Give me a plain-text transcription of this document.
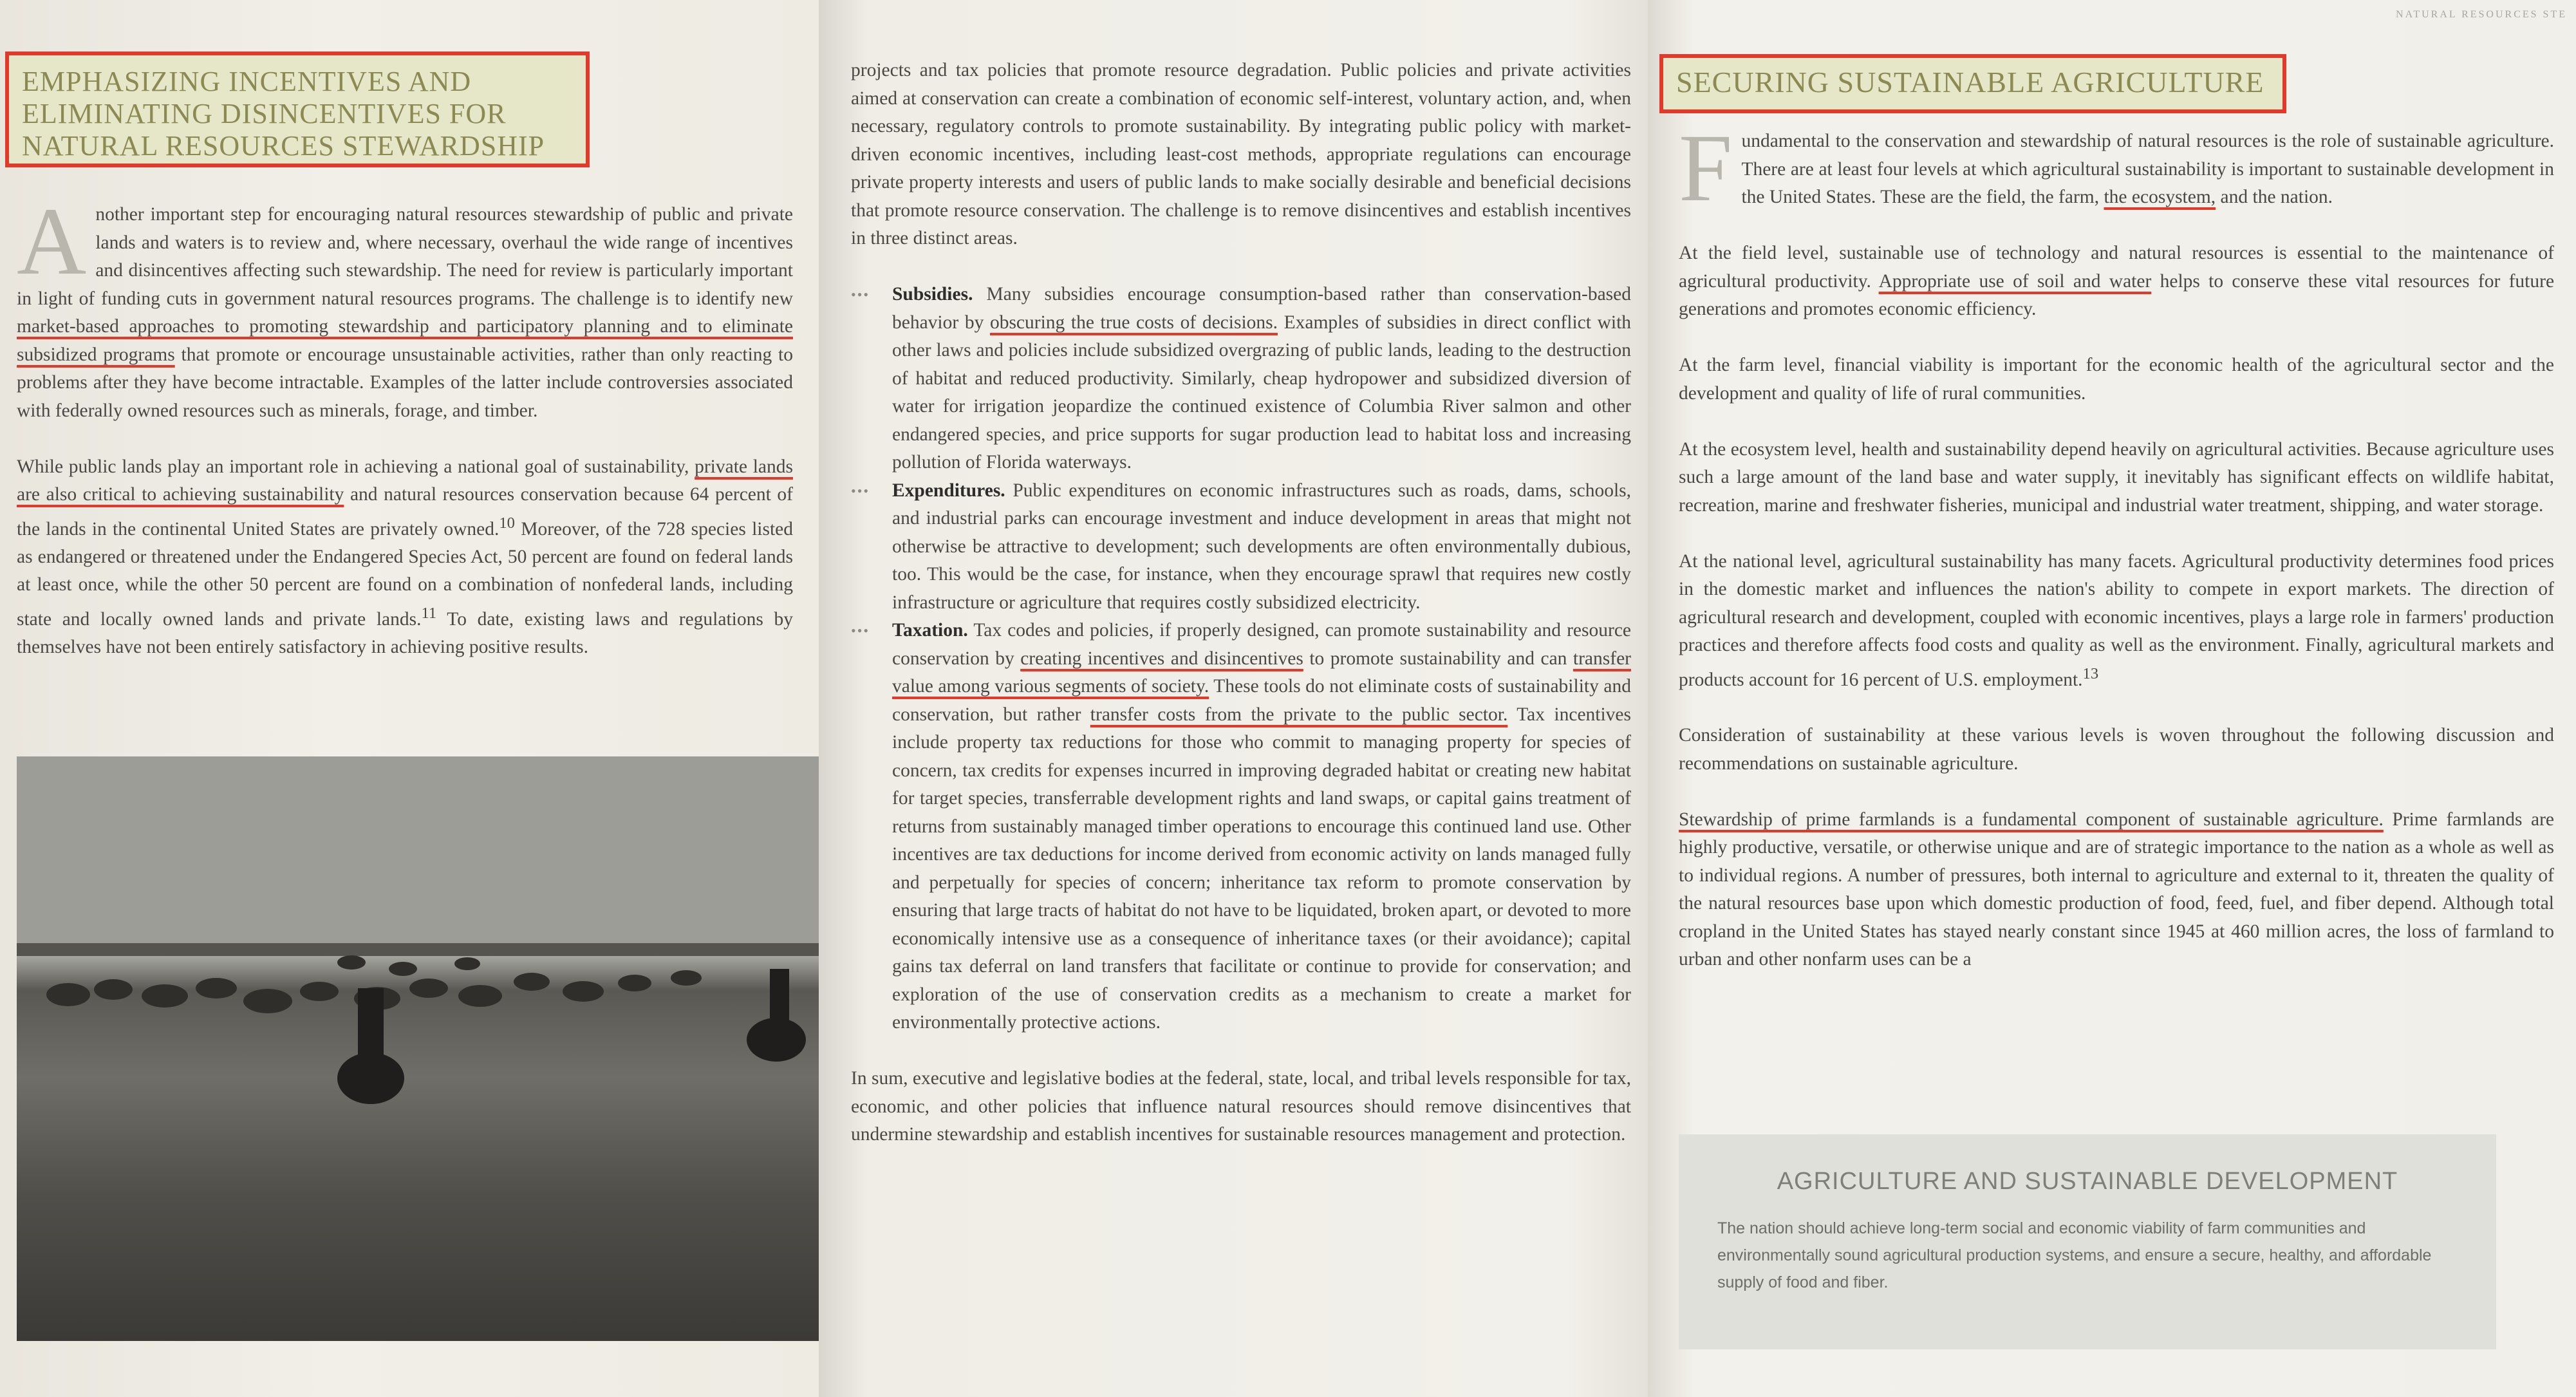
EMPHASIZING INCENTIVES AND
ELIMINATING DISINCENTIVES FOR
NATURAL RESOURCES STEWARDSHIP

A nother important step for encouraging natural resources stewardship of public and private lands and waters is to review and, where necessary, overhaul the wide range of incentives and disincentives affecting such stewardship. The need for review is particularly important in light of funding cuts in government natural resources programs. The challenge is to identify new market-based approaches to promoting stewardship and participatory planning and to eliminate subsidized programs that promote or encourage unsustainable activities, rather than only reacting to problems after they have become intractable. Examples of the latter include controversies associated with federally owned resources such as minerals, forage, and timber.

While public lands play an important role in achieving a national goal of sustainability, private lands are also critical to achieving sustainability and natural resources conservation because 64 percent of the lands in the continental United States are privately owned.$^{10}$ Moreover, of the 728 species listed as endangered or threatened under the Endangered Species Act, 50 percent are found on federal lands at least once, while the other 50 percent are found on a combination of nonfederal lands, including state and locally owned lands and private lands.$^{11}$ To date, existing laws and regulations by themselves have not been entirely satisfactory in achieving positive results.

projects and tax policies that promote resource degradation. Public policies and private activities aimed at conservation can create a combination of economic self-interest, voluntary action, and, when necessary, regulatory controls to promote sustainability. By integrating public policy with market-driven economic incentives, including least-cost methods, appropriate regulations can encourage private property interests and users of public lands to make socially desirable and beneficial decisions that promote resource conservation. The challenge is to remove disincentives and establish incentives in three distinct areas.

••• Subsidies. Many subsidies encourage consumption-based rather than conservation-based behavior by obscuring the true costs of decisions. Examples of subsidies in direct conflict with other laws and policies include subsidized overgrazing of public lands, leading to the destruction of habitat and reduced productivity. Similarly, cheap hydropower and subsidized diversion of water for irrigation jeopardize the continued existence of Columbia River salmon and other endangered species, and price supports for sugar production lead to habitat loss and increasing pollution of Florida waterways.
••• Expenditures. Public expenditures on economic infrastructures such as roads, dams, schools, and industrial parks can encourage investment and induce development in areas that might not otherwise be attractive to development; such developments are often environmentally dubious, too. This would be the case, for instance, when they encourage sprawl that requires new costly infrastructure or agriculture that requires costly subsidized electricity.
••• Taxation. Tax codes and policies, if properly designed, can promote sustainability and resource conservation by creating incentives and disincentives to promote sustainability and can transfer value among various segments of society. These tools do not eliminate costs of sustainability and conservation, but rather transfer costs from the private to the public sector. Tax incentives include property tax reductions for those who commit to managing property for species of concern, tax credits for expenses incurred in improving degraded habitat or creating new habitat for target species, transferrable development rights and land swaps, or capital gains treatment of returns from sustainably managed timber operations to encourage this continued land use. Other incentives are tax deductions for income derived from economic activity on lands managed fully and perpetually for species of concern; inheritance tax reform to promote conservation by ensuring that large tracts of habitat do not have to be liquidated, broken apart, or devoted to more economically intensive use as a consequence of inheritance taxes (or their avoidance); capital gains tax deferral on land transfers that facilitate or continue to provide for conservation; and exploration of the use of conservation credits as a mechanism to create a market for environmentally protective actions.

In sum, executive and legislative bodies at the federal, state, local, and tribal levels responsible for tax, economic, and other policies that influence natural resources should remove disincentives that undermine stewardship and establish incentives for sustainable resources management and protection.

NATURAL RESOURCES STE
SECURING SUSTAINABLE AGRICULTURE

F undamental to the conservation and stewardship of natural resources is the role of sustainable agriculture. There are at least four levels at which agricultural sustainability is important to sustainable development in the United States. These are the field, the farm, the ecosystem, and the nation.

At the field level, sustainable use of technology and natural resources is essential to the maintenance of agricultural productivity. Appropriate use of soil and water helps to conserve these vital resources for future generations and promotes economic efficiency.

At the farm level, financial viability is important for the economic health of the agricultural sector and the development and quality of life of rural communities.

At the ecosystem level, health and sustainability depend heavily on agricultural activities. Because agriculture uses such a large amount of the land base and water supply, it inevitably has significant effects on wildlife habitat, recreation, marine and freshwater fisheries, municipal and industrial water treatment, shipping, and water storage.

At the national level, agricultural sustainability has many facets. Agricultural productivity determines food prices in the domestic market and influences the nation's ability to compete in export markets. The direction of agricultural research and development, coupled with economic incentives, plays a large role in farmers' production practices and therefore affects food costs and quality as well as the environment. Finally, agricultural markets and products account for 16 percent of U.S. employment.$^{13}$

Consideration of sustainability at these various levels is woven throughout the following discussion and recommendations on sustainable agriculture.

Stewardship of prime farmlands is a fundamental component of sustainable agriculture. Prime farmlands are highly productive, versatile, or otherwise unique and are of strategic importance to the nation as a whole as well as to individual regions. A number of pressures, both internal to agriculture and external to it, threaten the quality of the natural resources base upon which domestic production of food, feed, fuel, and fiber depend. Although total cropland in the United States has stayed nearly constant since 1945 at 460 million acres, the loss of farmland to urban and other nonfarm uses can be a

AGRICULTURE AND SUSTAINABLE DEVELOPMENT
The nation should achieve long-term social and economic viability of farm communities and environmentally sound agricultural production systems, and ensure a secure, healthy, and affordable supply of food and fiber.
